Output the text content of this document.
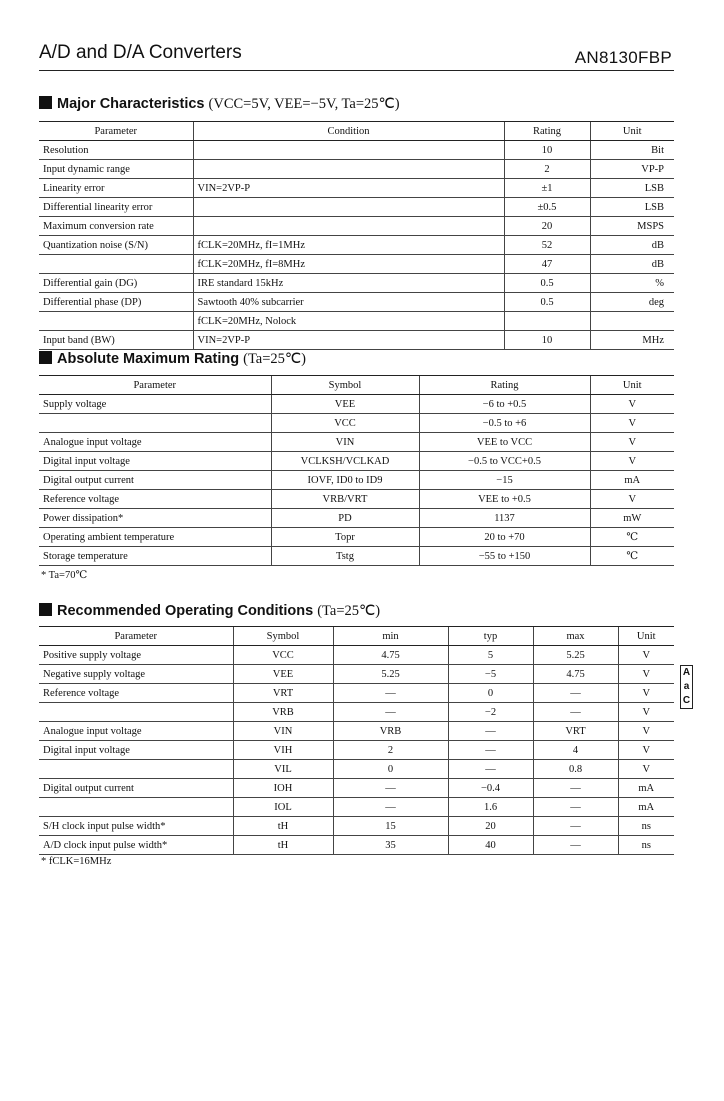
A/D and D/A Converters	AN8130FBP
Major Characteristics (VCC=5V, VEE=−5V, Ta=25℃)
Parameter	Condition	Rating	Unit
Resolution		10	Bit
Input dynamic range		2	VP-P
Linearity error	VIN=2VP-P	±1	LSB
Differential linearity error		±0.5	LSB
Maximum conversion rate		20	MSPS
Quantization noise (S/N)	fCLK=20MHz, fI=1MHz	52	dB
	fCLK=20MHz, fI=8MHz	47	dB
Differential gain (DG)	IRE standard 15kHz	0.5	%
Differential phase (DP)	Sawtooth 40% subcarrier	0.5	deg
	fCLK=20MHz, Nolock		
Input band (BW)	VIN=2VP-P	10	MHz
Absolute Maximum Rating (Ta=25℃)
Parameter	Symbol	Rating	Unit
Supply voltage	VEE	−6 to +0.5	V
	VCC	−0.5 to +6	V
Analogue input voltage	VIN	VEE to VCC	V
Digital input voltage	VCLKSH/VCLKAD	−0.5 to VCC+0.5	V
Digital output current	IOVF, ID0 to ID9	−15	mA
Reference voltage	VRB/VRT	VEE to +0.5	V
Power dissipation*	PD	1137	mW
Operating ambient temperature	Topr	20 to +70	℃
Storage temperature	Tstg	−55 to +150	℃
* Ta=70℃
Recommended Operating Conditions (Ta=25℃)
Parameter	Symbol	min	typ	max	Unit
Positive supply voltage	VCC	4.75	5	5.25	V
Negative supply voltage	VEE	5.25	−5	4.75	V
Reference voltage	VRT	—	0	—	V
	VRB	—	−2	—	V
Analogue input voltage	VIN	VRB	—	VRT	V
Digital input voltage	VIH	2	—	4	V
	VIL	0	—	0.8	V
Digital output current	IOH	—	−0.4	—	mA
	IOL	—	1.6	—	mA
S/H clock input pulse width*	tH	15	20	—	ns
A/D clock input pulse width*	tH	35	40	—	ns
* fCLK=16MHz
A
a
C
